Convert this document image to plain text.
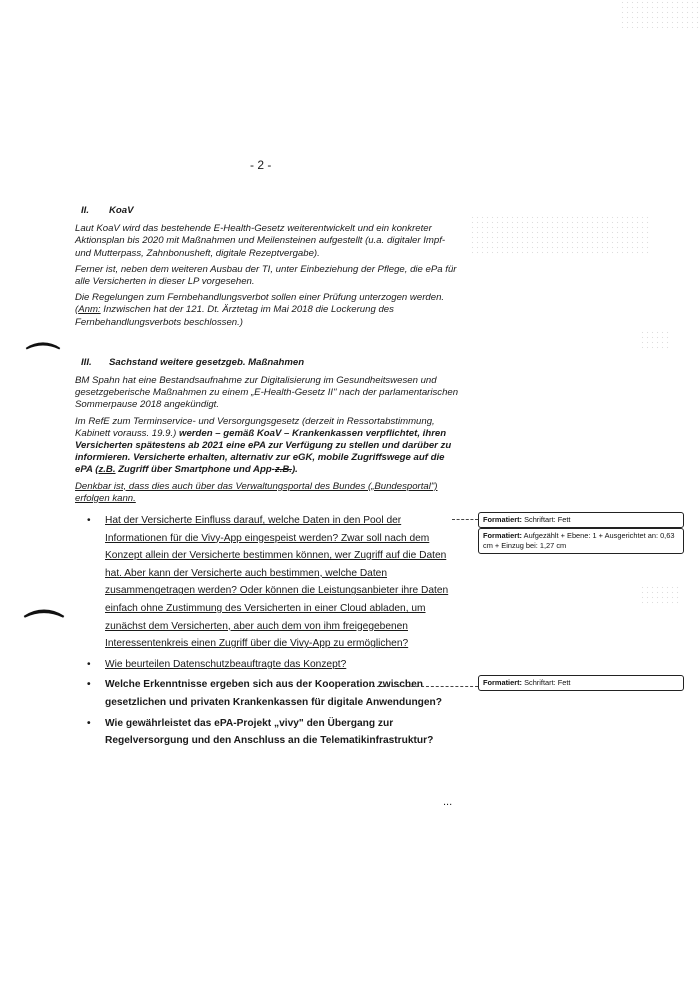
- 2 -
II. KoaV

Laut KoaV wird das bestehende E-Health-Gesetz weiterentwickelt und ein konkreter Aktionsplan bis 2020 mit Maßnahmen und Meilensteinen aufgestellt (u.a. digitaler Impf- und Mutterpass, Zahnbonusheft, digitale Rezeptvergabe).

Ferner ist, neben dem weiteren Ausbau der TI, unter Einbeziehung der Pflege, die ePa für alle Versicherten in dieser LP vorgesehen.

Die Regelungen zum Fernbehandlungsverbot sollen einer Prüfung unterzogen werden. (Anm: Inzwischen hat der 121. Dt. Ärztetag im Mai 2018 die Lockerung des Fernbehandlungsverbots beschlossen.)

III. Sachstand weitere gesetzgeb. Maßnahmen

BM Spahn hat eine Bestandsaufnahme zur Digitalisierung im Gesundheitswesen und gesetzgeberische Maßnahmen zu einem „E-Health-Gesetz II" nach der parlamentarischen Sommerpause 2018 angekündigt.

Im RefE zum Terminservice- und Versorgungsgesetz (derzeit in Ressortabstimmung, Kabinett vorauss. 19.9.) werden – gemäß KoaV – Krankenkassen verpflichtet, ihren Versicherten spätestens ab 2021 eine ePA zur Verfügung zu stellen und darüber zu informieren. Versicherte erhalten, alternativ zur eGK, mobile Zugriffswege auf die ePA (z.B. Zugriff über Smartphone und App-z.B.).

Denkbar ist, dass dies auch über das Verwaltungsportal des Bundes („Bundesportal") erfolgen kann.

• Hat der Versicherte Einfluss darauf, welche Daten in den Pool der Informationen für die Vivy-App eingespeist werden? Zwar soll nach dem Konzept allein der Versicherte bestimmen können, wer Zugriff auf die Daten hat. Aber kann der Versicherte auch bestimmen, welche Daten zusammengetragen werden? Oder können die Leistungsanbieter ihre Daten einfach ohne Zustimmung des Versicherten in einer Cloud abladen, um zunächst dem Versicherten, aber auch dem von ihm freigegebenen Interessentenkreis einen Zugriff über die Vivy-App zu ermöglichen?
• Wie beurteilen Datenschutzbeauftragte das Konzept?
• Welche Erkenntnisse ergeben sich aus der Kooperation zwischen gesetzlichen und privaten Krankenkassen für digitale Anwendungen?
• Wie gewährleistet das ePA-Projekt „vivy" den Übergang zur Regelversorgung und den Anschluss an die Telematikinfrastruktur?
Formatiert: Schriftart: Fett
Formatiert: Aufgezählt + Ebene: 1 + Ausgerichtet an: 0,63 cm + Einzug bei: 1,27 cm
Formatiert: Schriftart: Fett
⌒
⌒
...
